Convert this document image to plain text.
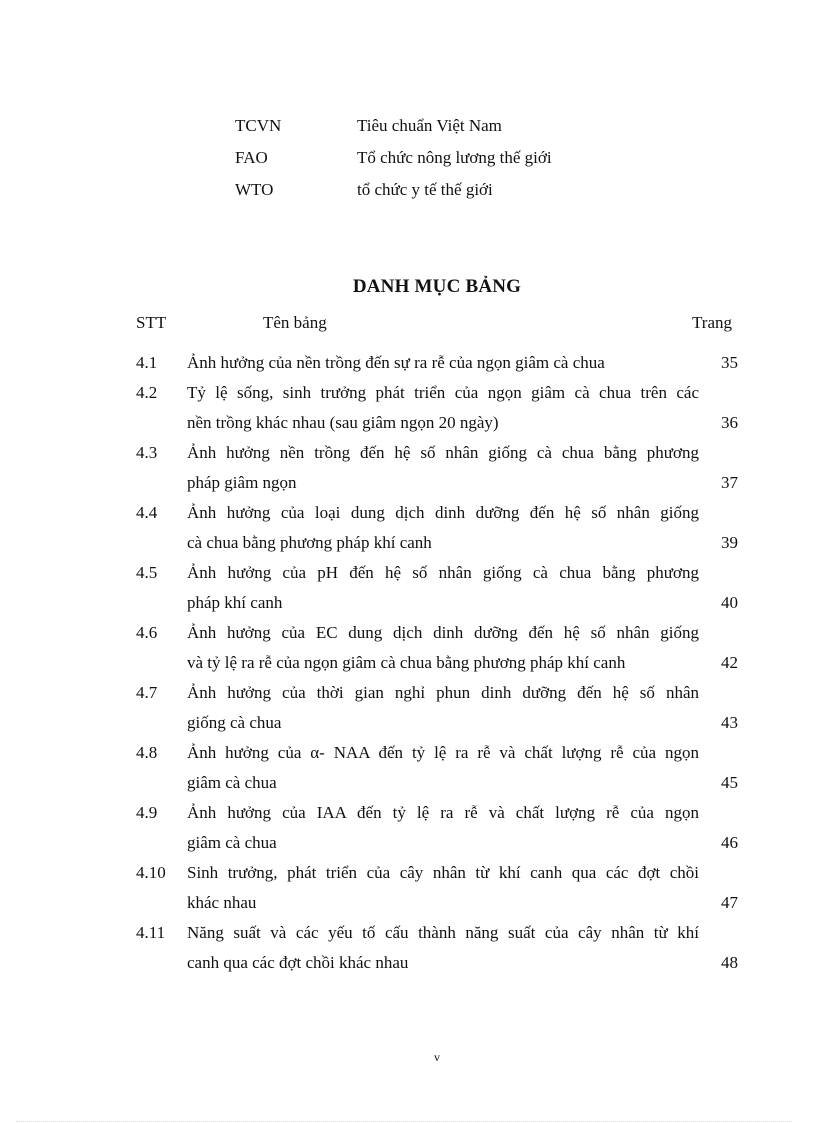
TCVN	Tiêu chuẩn Việt Nam
FAO	Tổ chức nông lương thế giới
WTO	tổ chức y tế thế giới
DANH MỤC BẢNG
STT	Tên bảng	Trang
4.1 Ảnh hưởng của nền trồng đến sự ra rễ của ngọn giâm cà chua	35
4.2 Tỷ lệ sống, sinh trưởng phát triển của ngọn giâm cà chua trên các
nền trồng khác nhau (sau giâm ngọn 20 ngày)	36
4.3 Ảnh hưởng nền trồng đến hệ số nhân giống cà chua bằng phương
pháp giâm ngọn	37
4.4 Ảnh hưởng của loại dung dịch dinh dưỡng đến hệ số nhân giống
cà chua bằng phương pháp khí canh	39
4.5 Ảnh hưởng của pH đến hệ số nhân giống cà chua bằng phương
pháp khí canh	40
4.6 Ảnh hưởng của EC dung dịch dinh dưỡng đến hệ số nhân giống
và tỷ lệ ra rễ của ngọn giâm cà chua bằng phương pháp khí canh	42
4.7 Ảnh hưởng của thời gian nghỉ phun dinh dưỡng đến hệ số nhân
giống cà chua	43
4.8 Ảnh hưởng của α- NAA đến tỷ lệ ra rễ và chất lượng rễ của ngọn
giâm cà chua	45
4.9 Ảnh hưởng của IAA đến tỷ lệ ra rễ và chất lượng rễ của ngọn
giâm cà chua	46
4.10 Sinh trưởng, phát triển của cây nhân từ khí canh qua các đợt chồi
khác nhau	47
4.11 Năng suất và các yếu tố cấu thành năng suất của cây nhân từ khí
canh qua các đợt chồi khác nhau	48
v
